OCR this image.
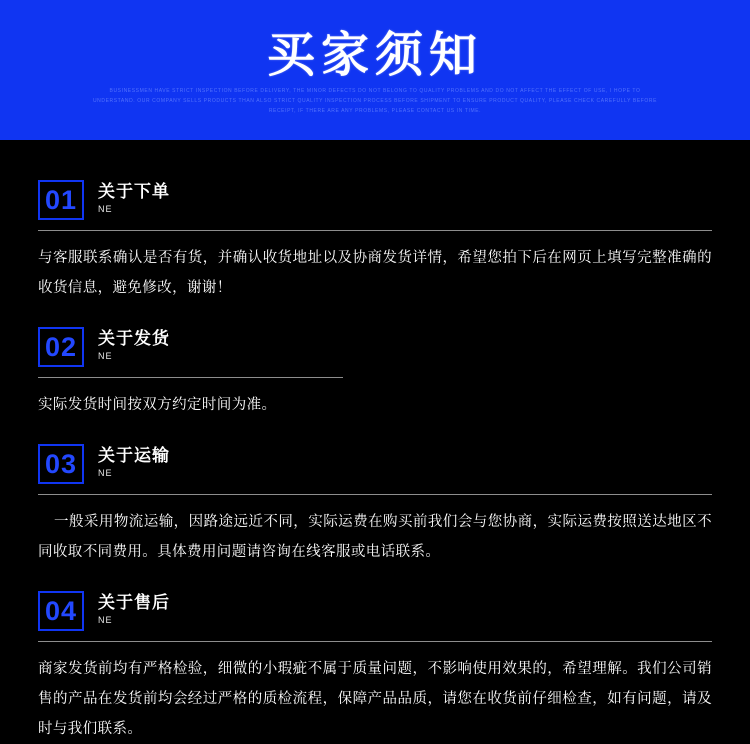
买家须知
BUSINESSMEN HAVE STRICT INSPECTION BEFORE DELIVERY, THE MINOR DEFECTS DO NOT BELONG TO QUALITY PROBLEMS AND DO NOT AFFECT THE EFFECT OF USE, I HOPE TO
UNDERSTAND. OUR COMPANY SELLS PRODUCTS THAN ALSO STRICT QUALITY INSPECTION PROCESS BEFORE SHIPMENT TO ENSURE PRODUCT QUALITY, PLEASE CHECK CAREFULLY BEFORE
RECEIPT, IF THERE ARE ANY PROBLEMS, PLEASE CONTACT US IN TIME.
01	关于下单
NE
与客服联系确认是否有货，并确认收货地址以及协商发货详情，希望您拍下后在网页上填写完整准确的收货信息，避免修改，谢谢！
02	关于发货
NE
实际发货时间按双方约定时间为准。
03	关于运输
NE
一般采用物流运输，因路途远近不同，实际运费在购买前我们会与您协商，实际运费按照送达地区不同收取不同费用。具体费用问题请咨询在线客服或电话联系。
04	关于售后
NE
商家发货前均有严格检验，细微的小瑕疵不属于质量问题，不影响使用效果的，希望理解。我们公司销售的产品在发货前均会经过严格的质检流程，保障产品品质，请您在收货前仔细检查，如有问题，请及时与我们联系。
